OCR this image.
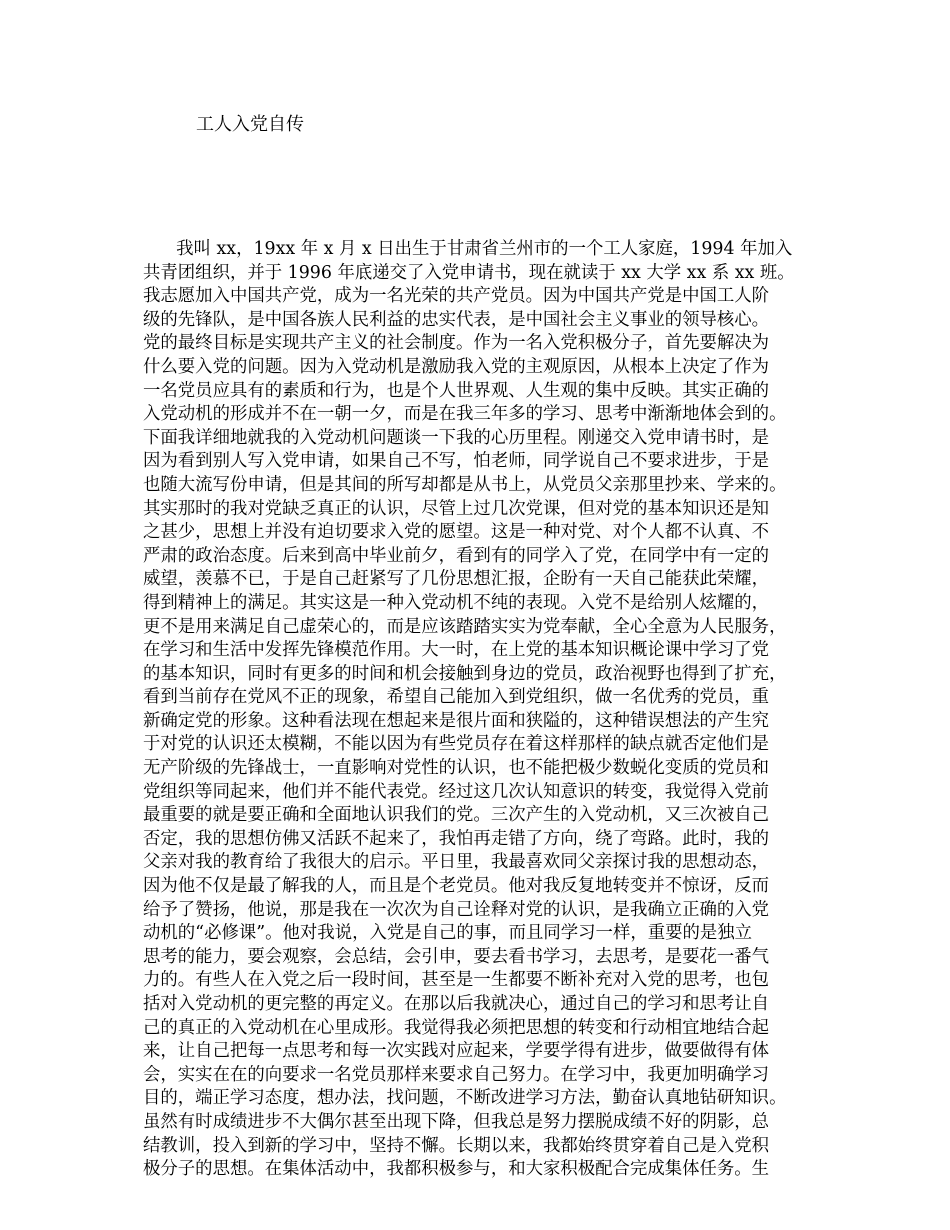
工人入党自传
我叫 xx，19xx 年 x 月 x 日出生于甘肃省兰州市的一个工人家庭，1994 年加入
共青团组织，并于 1996 年底递交了入党申请书，现在就读于 xx 大学 xx 系 xx 班。
我志愿加入中国共产党，成为一名光荣的共产党员。因为中国共产党是中国工人阶
级的先锋队，是中国各族人民利益的忠实代表，是中国社会主义事业的领导核心。
党的最终目标是实现共产主义的社会制度。作为一名入党积极分子，首先要解决为
什么要入党的问题。因为入党动机是激励我入党的主观原因，从根本上决定了作为
一名党员应具有的素质和行为，也是个人世界观、人生观的集中反映。其实正确的
入党动机的形成并不在一朝一夕，而是在我三年多的学习、思考中渐渐地体会到的。
下面我详细地就我的入党动机问题谈一下我的心历里程。刚递交入党申请书时，是
因为看到别人写入党申请，如果自己不写，怕老师，同学说自己不要求进步，于是
也随大流写份申请，但是其间的所写却都是从书上，从党员父亲那里抄来、学来的。
其实那时的我对党缺乏真正的认识，尽管上过几次党课，但对党的基本知识还是知
之甚少，思想上并没有迫切要求入党的愿望。这是一种对党、对个人都不认真、不
严肃的政治态度。后来到高中毕业前夕，看到有的同学入了党，在同学中有一定的
威望，羡慕不已，于是自己赶紧写了几份思想汇报，企盼有一天自己能获此荣耀，
得到精神上的满足。其实这是一种入党动机不纯的表现。入党不是给别人炫耀的，
更不是用来满足自己虚荣心的，而是应该踏踏实实为党奉献，全心全意为人民服务，
在学习和生活中发挥先锋模范作用。大一时，在上党的基本知识概论课中学习了党
的基本知识，同时有更多的时间和机会接触到身边的党员，政治视野也得到了扩充，
看到当前存在党风不正的现象，希望自己能加入到党组织，做一名优秀的党员，重
新确定党的形象。这种看法现在想起来是很片面和狭隘的，这种错误想法的产生究
于对党的认识还太模糊，不能以因为有些党员存在着这样那样的缺点就否定他们是
无产阶级的先锋战士，一直影响对党性的认识，也不能把极少数蜕化变质的党员和
党组织等同起来，他们并不能代表党。经过这几次认知意识的转变，我觉得入党前
最重要的就是要正确和全面地认识我们的党。三次产生的入党动机，又三次被自己
否定，我的思想仿佛又活跃不起来了，我怕再走错了方向，绕了弯路。此时，我的
父亲对我的教育给了我很大的启示。平日里，我最喜欢同父亲探讨我的思想动态，
因为他不仅是最了解我的人，而且是个老党员。他对我反复地转变并不惊讶，反而
给予了赞扬，他说，那是我在一次次为自己诠释对党的认识，是我确立正确的入党
动机的“必修课”。他对我说，入党是自己的事，而且同学习一样，重要的是独立
思考的能力，要会观察，会总结，会引申，要去看书学习，去思考，是要花一番气
力的。有些人在入党之后一段时间，甚至是一生都要不断补充对入党的思考，也包
括对入党动机的更完整的再定义。在那以后我就决心，通过自己的学习和思考让自
己的真正的入党动机在心里成形。我觉得我必须把思想的转变和行动相宜地结合起
来，让自己把每一点思考和每一次实践对应起来，学要学得有进步，做要做得有体
会，实实在在的向要求一名党员那样来要求自己努力。在学习中，我更加明确学习
目的，端正学习态度，想办法，找问题，不断改进学习方法，勤奋认真地钻研知识。
虽然有时成绩进步不大偶尔甚至出现下降，但我总是努力摆脱成绩不好的阴影，总
结教训，投入到新的学习中，坚持不懈。长期以来，我都始终贯穿着自己是入党积
极分子的思想。在集体活动中，我都积极参与，和大家积极配合完成集体任务。生
